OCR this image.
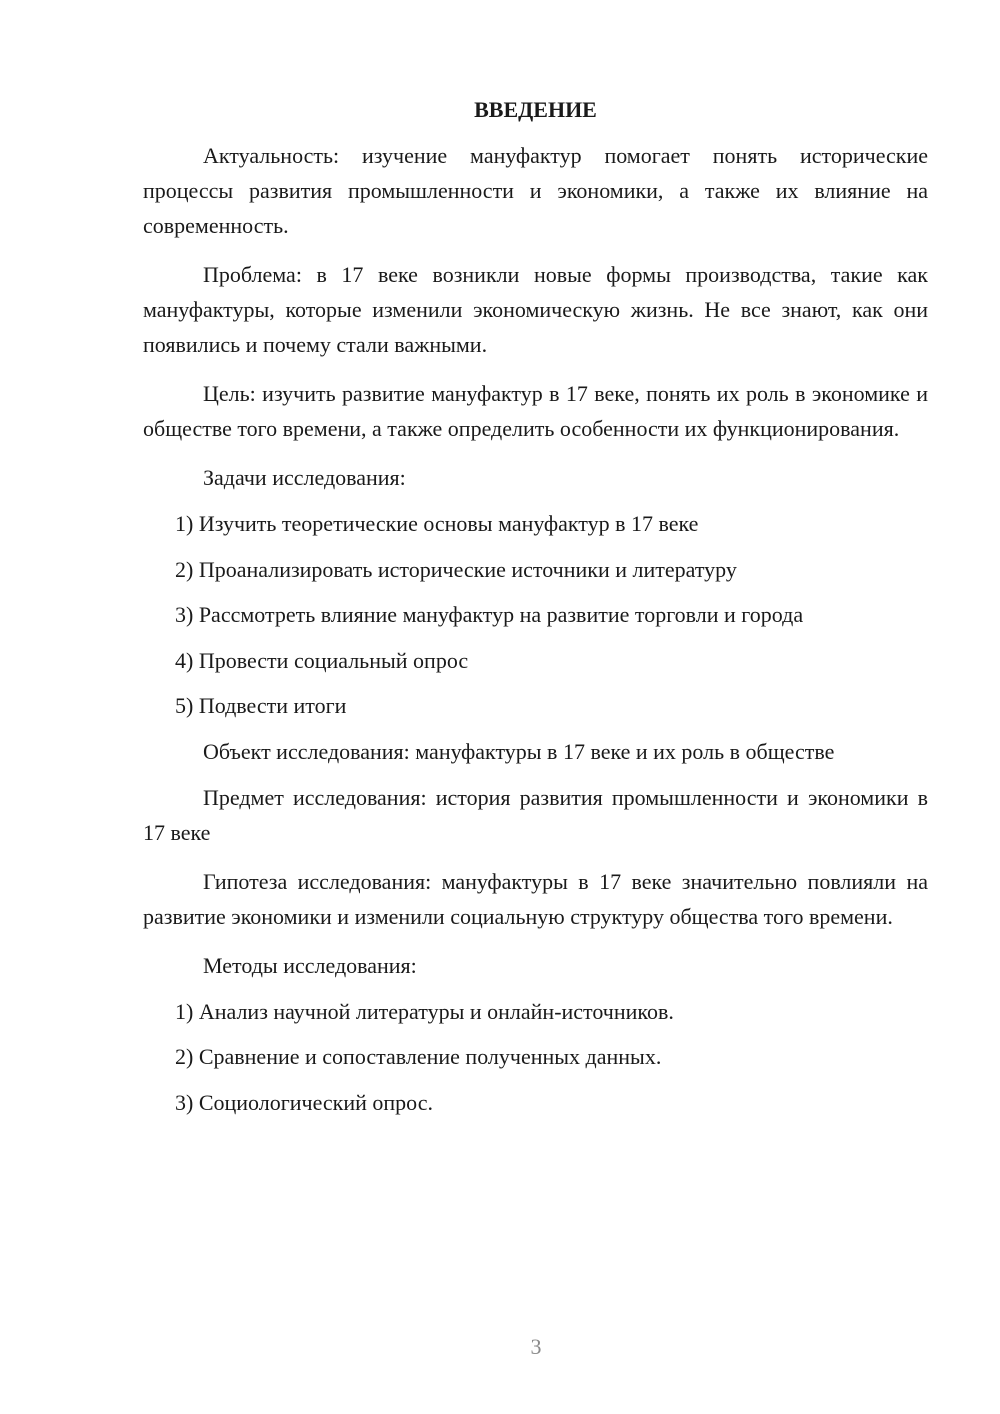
ВВЕДЕНИЕ

Актуальность: изучение мануфактур помогает понять исторические процессы развития промышленности и экономики, а также их влияние на современность.

Проблема: в 17 веке возникли новые формы производства, такие как мануфактуры, которые изменили экономическую жизнь. Не все знают, как они появились и почему стали важными.

Цель: изучить развитие мануфактур в 17 веке, понять их роль в экономике и обществе того времени, а также определить особенности их функционирования.

Задачи исследования:

1) Изучить теоретические основы мануфактур в 17 веке
2) Проанализировать исторические источники и литературу
3) Рассмотреть влияние мануфактур на развитие торговли и города
4) Провести социальный опрос
5) Подвести итоги

Объект исследования: мануфактуры в 17 веке и их роль в обществе

Предмет исследования: история развития промышленности и экономики в 17 веке

Гипотеза исследования: мануфактуры в 17 веке значительно повлияли на развитие экономики и изменили социальную структуру общества того времени.

Методы исследования:

1) Анализ научной литературы и онлайн-источников.
2) Сравнение и сопоставление полученных данных.
3) Социологический опрос.
3
